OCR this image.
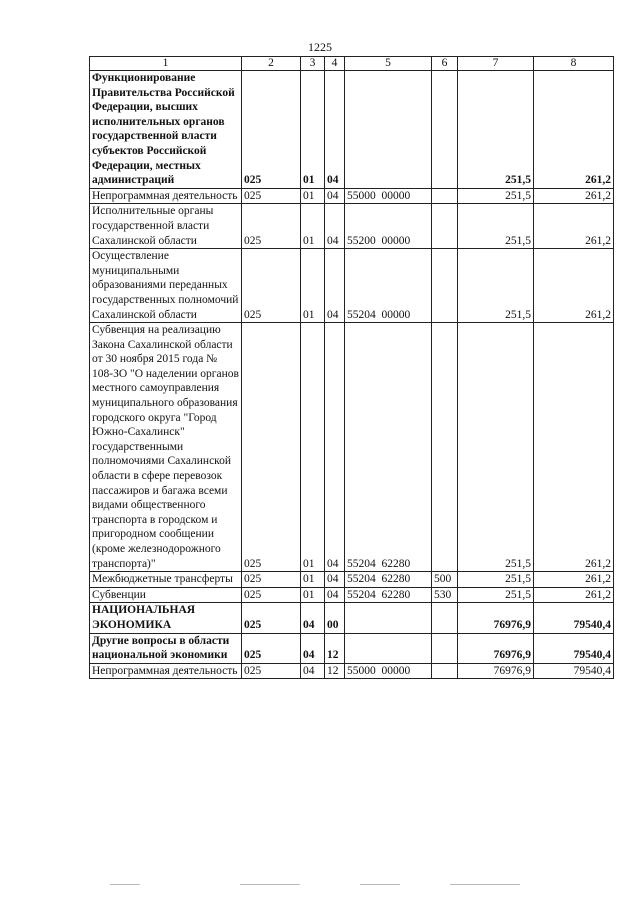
1225
1	2	3	4	5	6	7	8
Функционирование Правительства Российской Федерации, высших исполнительных органов государственной власти субъектов Российской Федерации, местных администраций	025	01	04			251,5	261,2
Непрограммная деятельность	025	01	04	55000  00000		251,5	261,2
Исполнительные органы государственной власти Сахалинской области	025	01	04	55200  00000		251,5	261,2
Осуществление муниципальными образованиями переданных государственных полномочий Сахалинской области	025	01	04	55204  00000		251,5	261,2
Субвенция на реализацию Закона Сахалинской области от 30 ноября 2015 года № 108-ЗО "О наделении органов местного самоуправления муниципального образования городского округа "Город Южно-Сахалинск" государственными полномочиями Сахалинской области в сфере перевозок пассажиров и багажа всеми видами общественного транспорта в городском и пригородном сообщении (кроме железнодорожного транспорта)"	025	01	04	55204  62280		251,5	261,2
Межбюджетные трансферты	025	01	04	55204  62280	500	251,5	261,2
Субвенции	025	01	04	55204  62280	530	251,5	261,2
НАЦИОНАЛЬНАЯ ЭКОНОМИКА	025	04	00			76976,9	79540,4
Другие вопросы в области национальной экономики	025	04	12			76976,9	79540,4
Непрограммная деятельность	025	04	12	55000  00000		76976,9	79540,4
